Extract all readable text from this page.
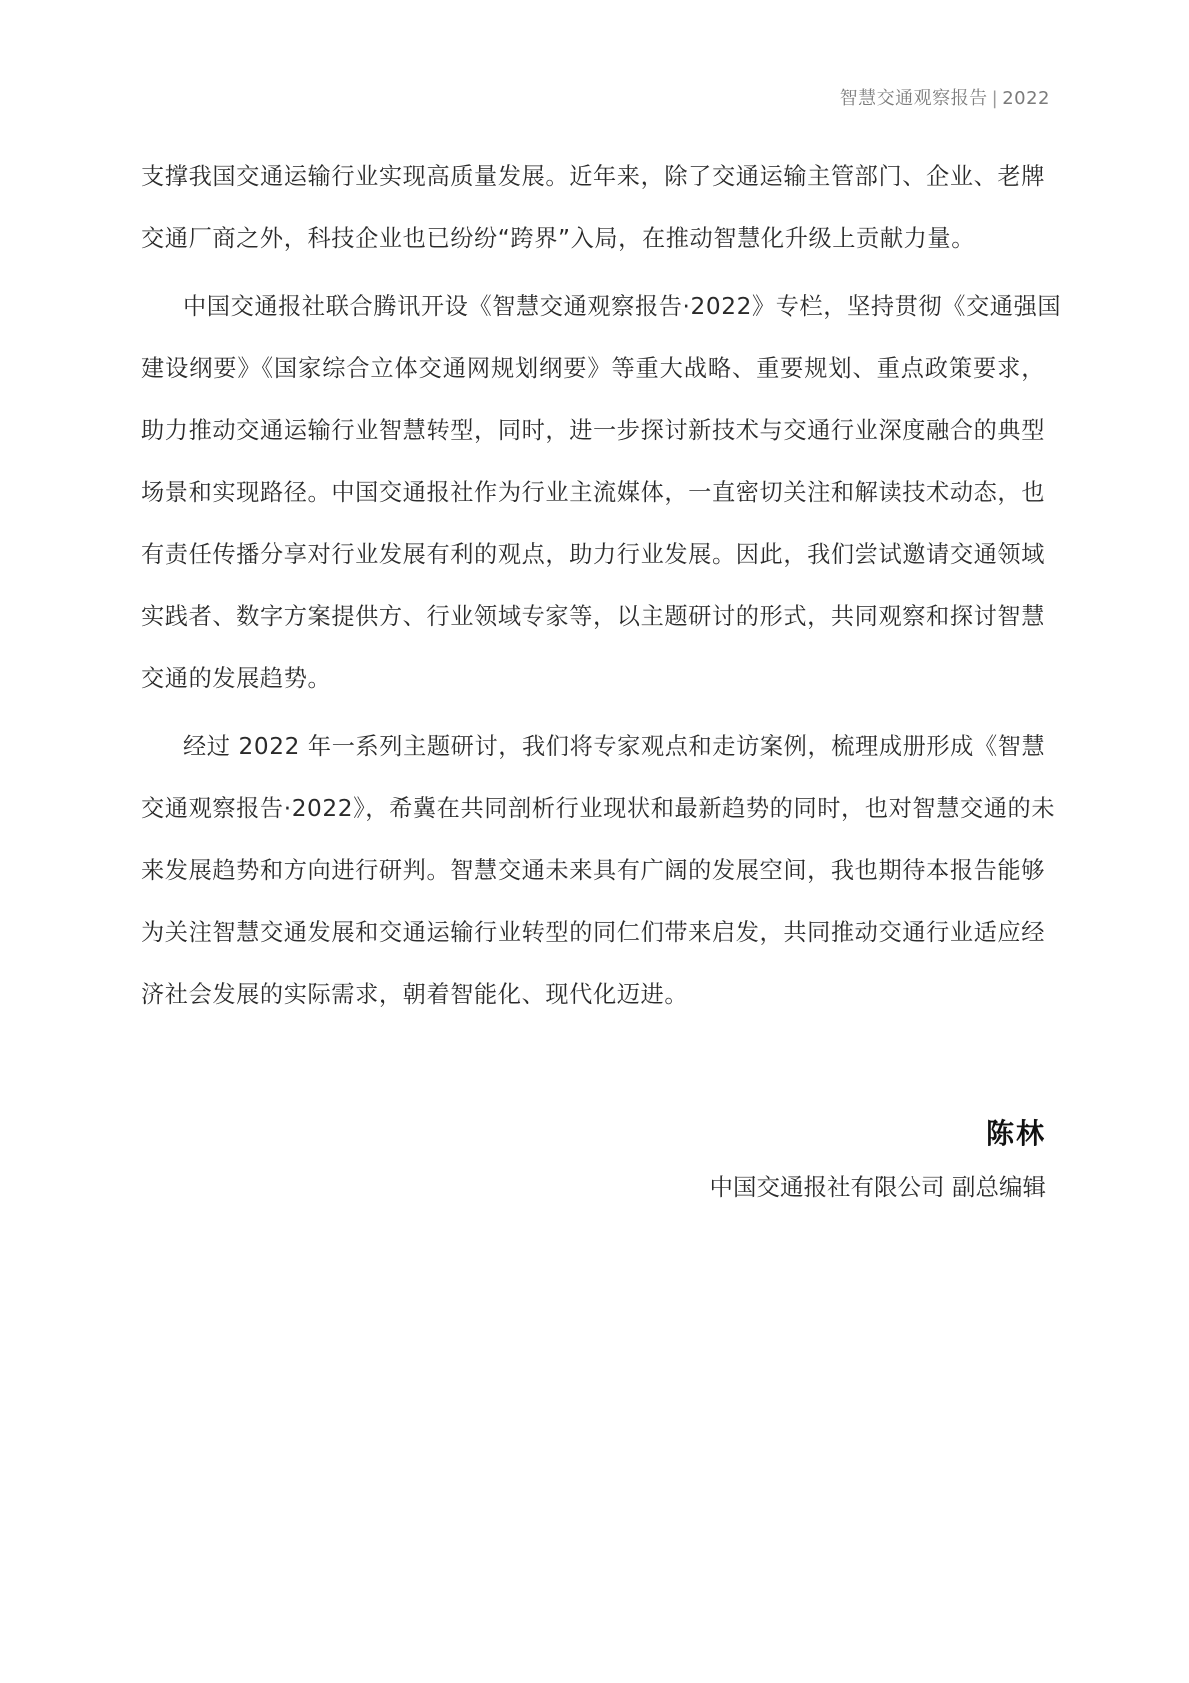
智慧交通观察报告 | 2022
支撑我国交通运输行业实现高质量发展。近年来，除了交通运输主管部门、企业、老牌
交通厂商之外，科技企业也已纷纷“跨界”入局，在推动智慧化升级上贡献力量。
中国交通报社联合腾讯开设《智慧交通观察报告·2022》专栏，坚持贯彻《交通强国
建设纲要》《国家综合立体交通网规划纲要》等重大战略、重要规划、重点政策要求，
助力推动交通运输行业智慧转型，同时，进一步探讨新技术与交通行业深度融合的典型
场景和实现路径。中国交通报社作为行业主流媒体，一直密切关注和解读技术动态，也
有责任传播分享对行业发展有利的观点，助力行业发展。因此，我们尝试邀请交通领域
实践者、数字方案提供方、行业领域专家等，以主题研讨的形式，共同观察和探讨智慧
交通的发展趋势。
经过 2022 年一系列主题研讨，我们将专家观点和走访案例，梳理成册形成《智慧
交通观察报告·2022》，希冀在共同剖析行业现状和最新趋势的同时，也对智慧交通的未
来发展趋势和方向进行研判。智慧交通未来具有广阔的发展空间，我也期待本报告能够
为关注智慧交通发展和交通运输行业转型的同仁们带来启发，共同推动交通行业适应经
济社会发展的实际需求，朝着智能化、现代化迈进。
陈林
中国交通报社有限公司 副总编辑
